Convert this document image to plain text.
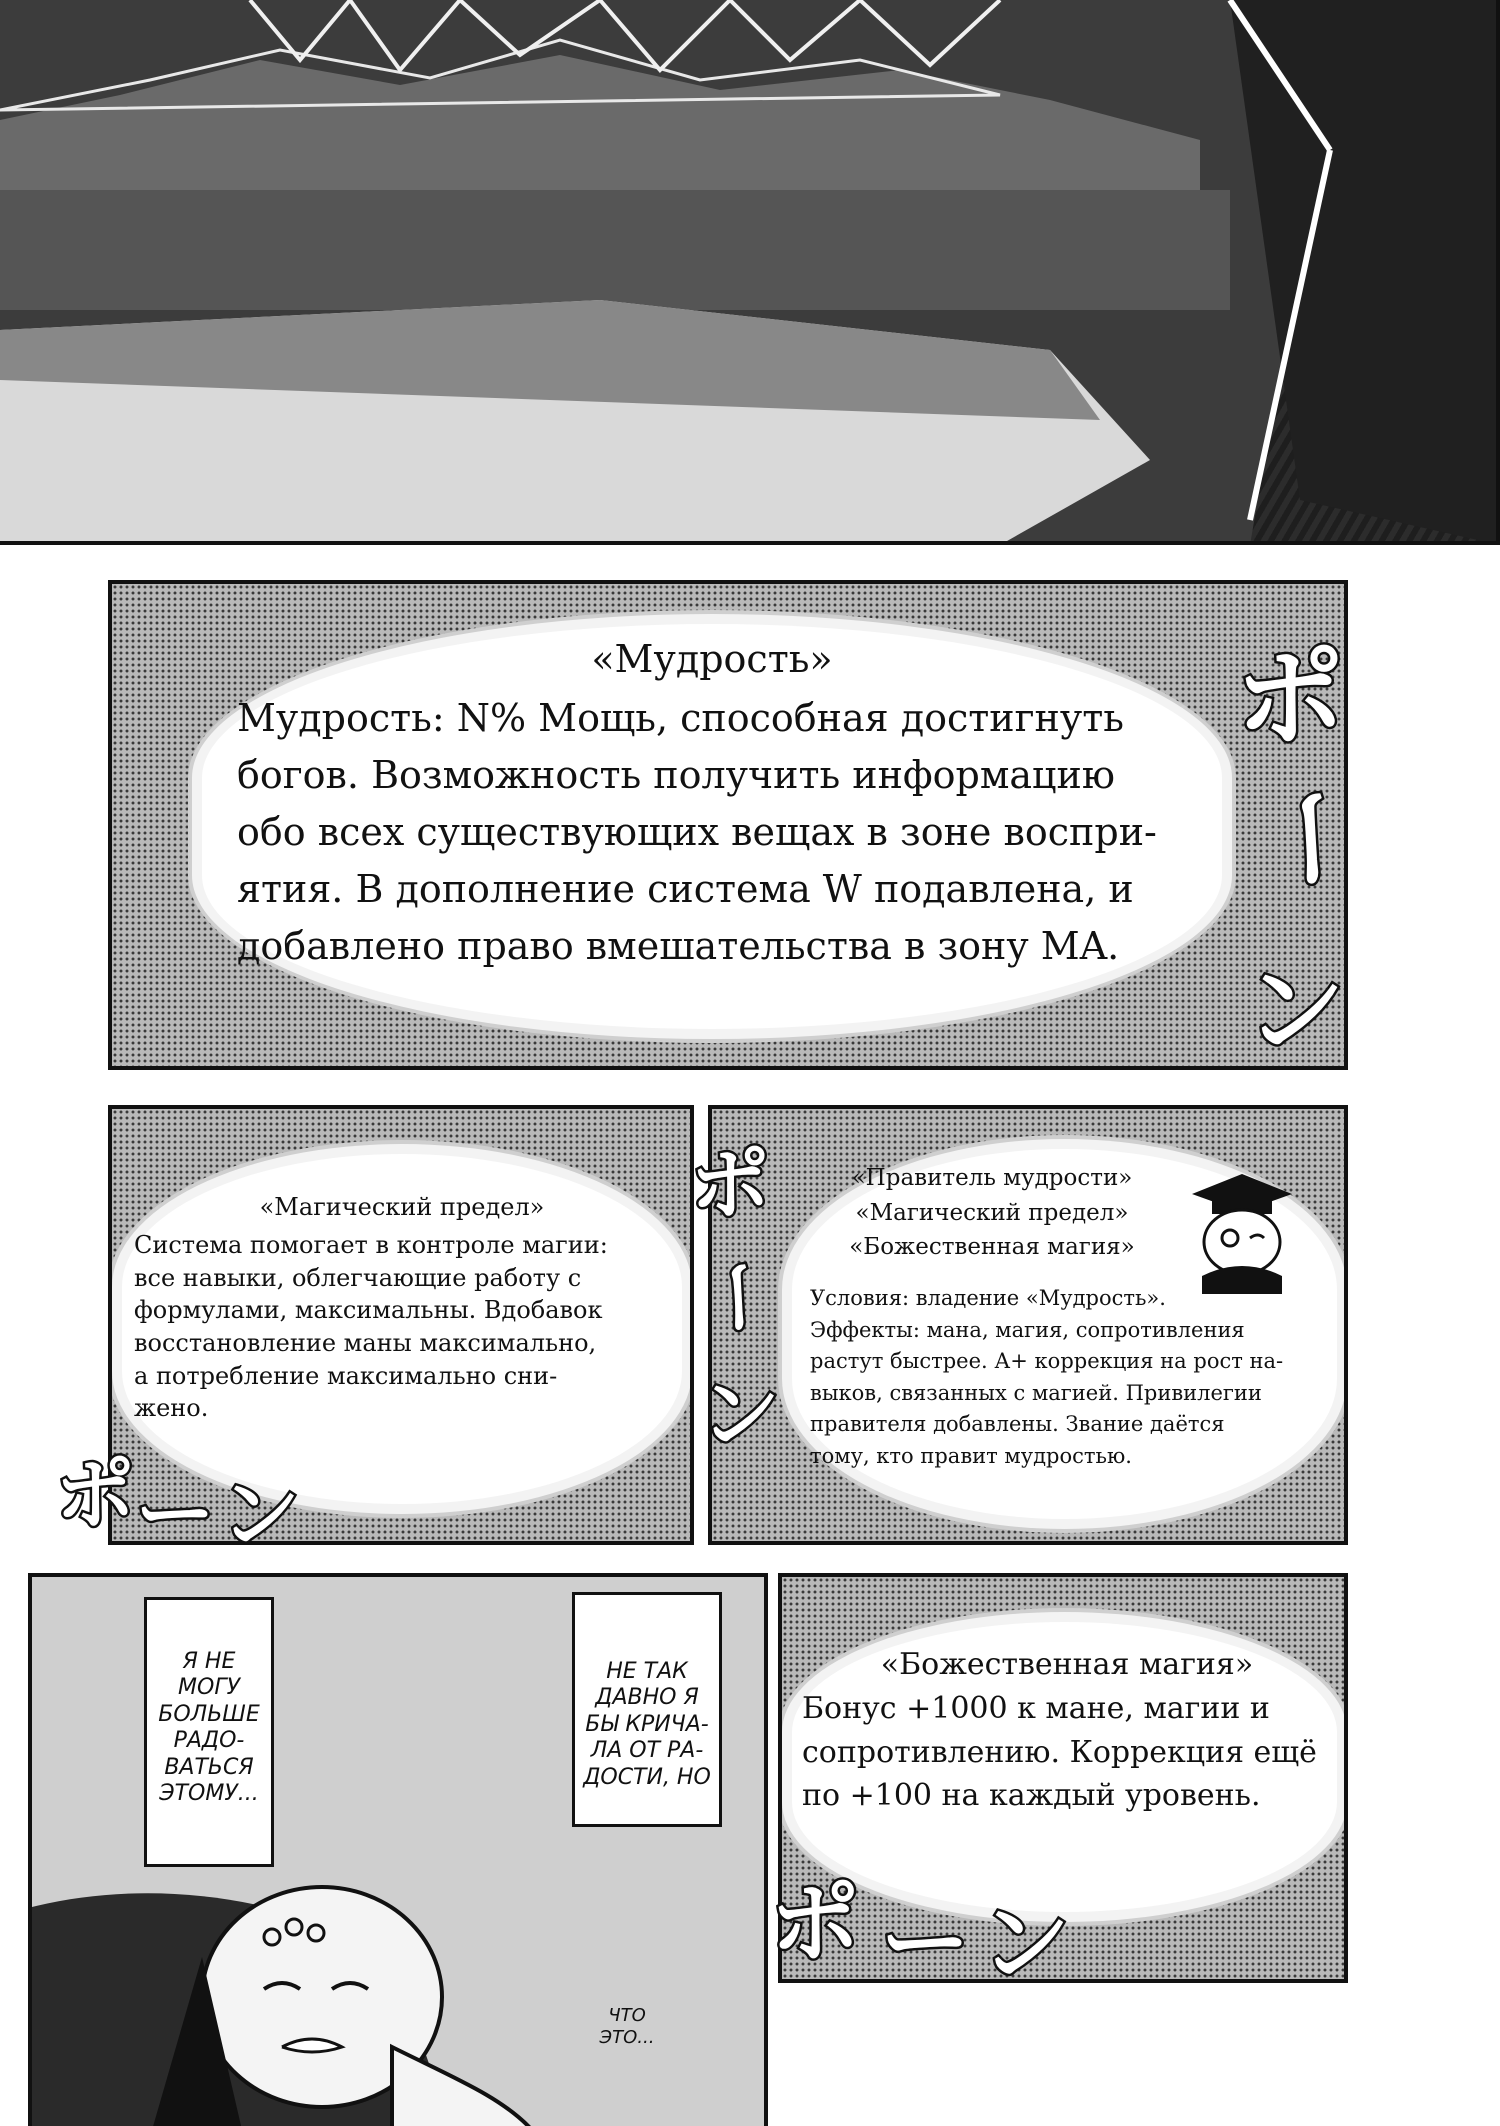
«Мудрость»
Мудрость: N% Мощь, способная достигнуть
богов. Возможность получить информацию
обо всех существующих вещах в зоне воспри-
ятия. В дополнение система W подавлена, и
добавлено право вмешательства в зону MA.
ポ
ー
ン
«Магический предел»
Система помогает в контроле магии:
все навыки, облегчающие работу с
формулами, максимальны. Вдобавок
восстановление маны максимально,
а потребление максимально сни-
жено.
ポ ー ン
«Правитель мудрости»
«Магический предел»
«Божественная магия»
Условия: владение «Мудрость».
Эффекты: мана, магия, сопротивления
растут быстрее. А+ коррекция на рост на-
выков, связанных с магией. Привилегии
правителя добавлены. Звание даётся
тому, кто правит мудростью.
ポ
ー
ン
Я НЕ
МОГУ
БОЛЬШЕ
РАДО-
ВАТЬСЯ
ЭТОМУ...
НЕ ТАК
ДАВНО Я
БЫ КРИЧА-
ЛА ОТ РА-
ДОСТИ, НО
ЧТО
ЭТО...
«Божественная магия»
Бонус +1000 к мане, магии и
сопротивлению. Коррекция ещё
по +100 на каждый уровень.
ポ ー ン
